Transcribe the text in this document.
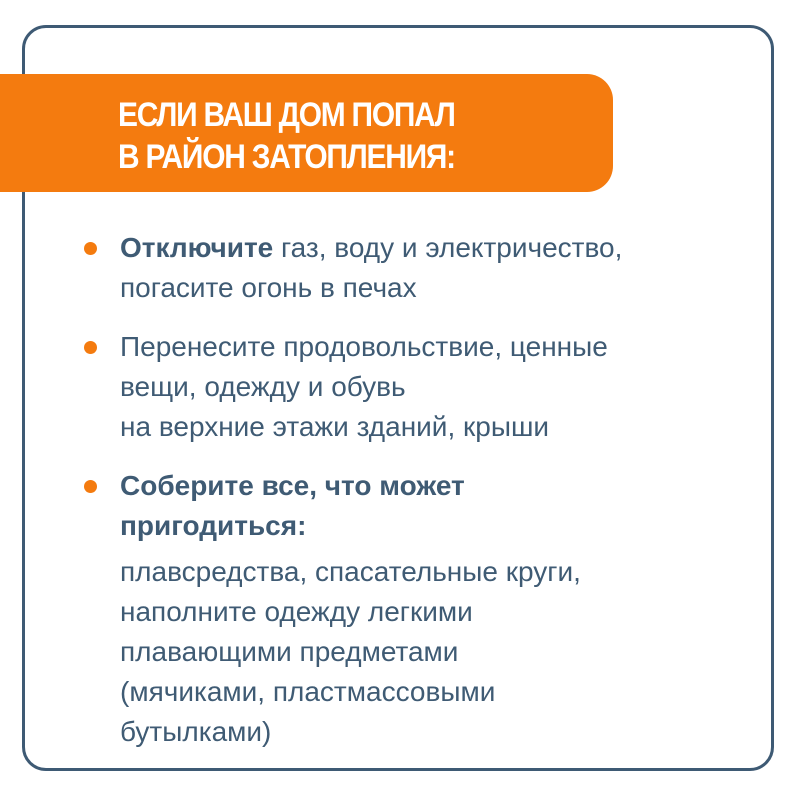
ЕСЛИ ВАШ ДОМ ПОПАЛ
В РАЙОН ЗАТОПЛЕНИЯ:
Отключите газ, воду и электричество,
погасите огонь в печах
Перенесите продовольствие, ценные
вещи, одежду и обувь
на верхние этажи зданий, крыши
Соберите все, что может
пригодиться:
плавсредства, спасательные круги,
наполните одежду легкими
плавающими предметами
(мячиками, пластмассовыми
бутылками)
